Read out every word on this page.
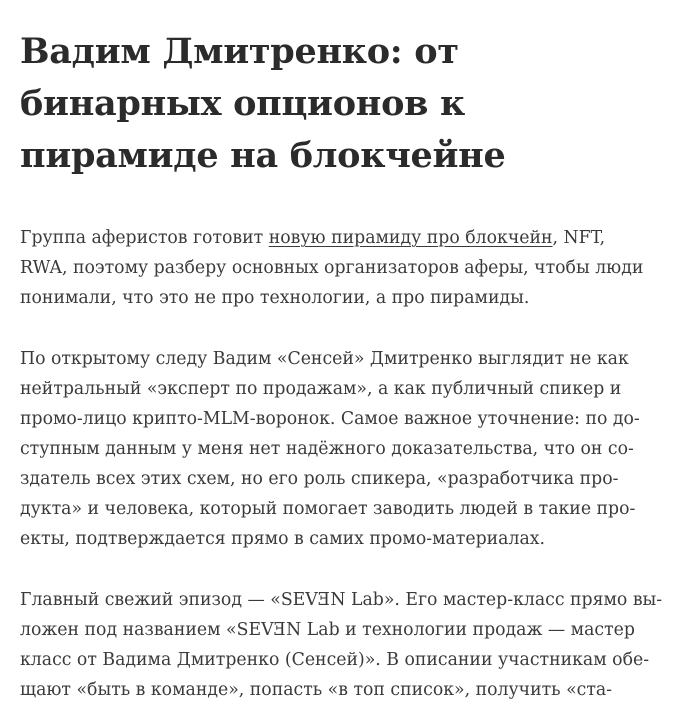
Вадим Дмитренко: от
бинарных опционов к
пирамиде на блокчейне

Группа аферистов готовит новую пирамиду про блокчейн, NFT,
RWA, поэтому разберу основных организаторов аферы, чтобы люди
понимали, что это не про технологии, а про пирамиды.

По открытому следу Вадим «Сенсей» Дмитренко выглядит не как
нейтральный «эксперт по продажам», а как публичный спикер и
промо-лицо крипто-MLM-воронок. Самое важное уточнение: по до-
ступным данным у меня нет надёжного доказательства, что он со-
здатель всех этих схем, но его роль спикера, «разработчика про-
дукта» и человека, который помогает заводить людей в такие про-
екты, подтверждается прямо в самих промо-материалах.

Главный свежий эпизод — «SEVƎN Lab». Его мастер-класс прямо вы-
ложен под названием «SEVƎN Lab и технологии продаж — мастер
класс от Вадима Дмитренко (Сенсей)». В описании участникам обе-
щают «быть в команде», попасть «в топ список», получить «ста-
